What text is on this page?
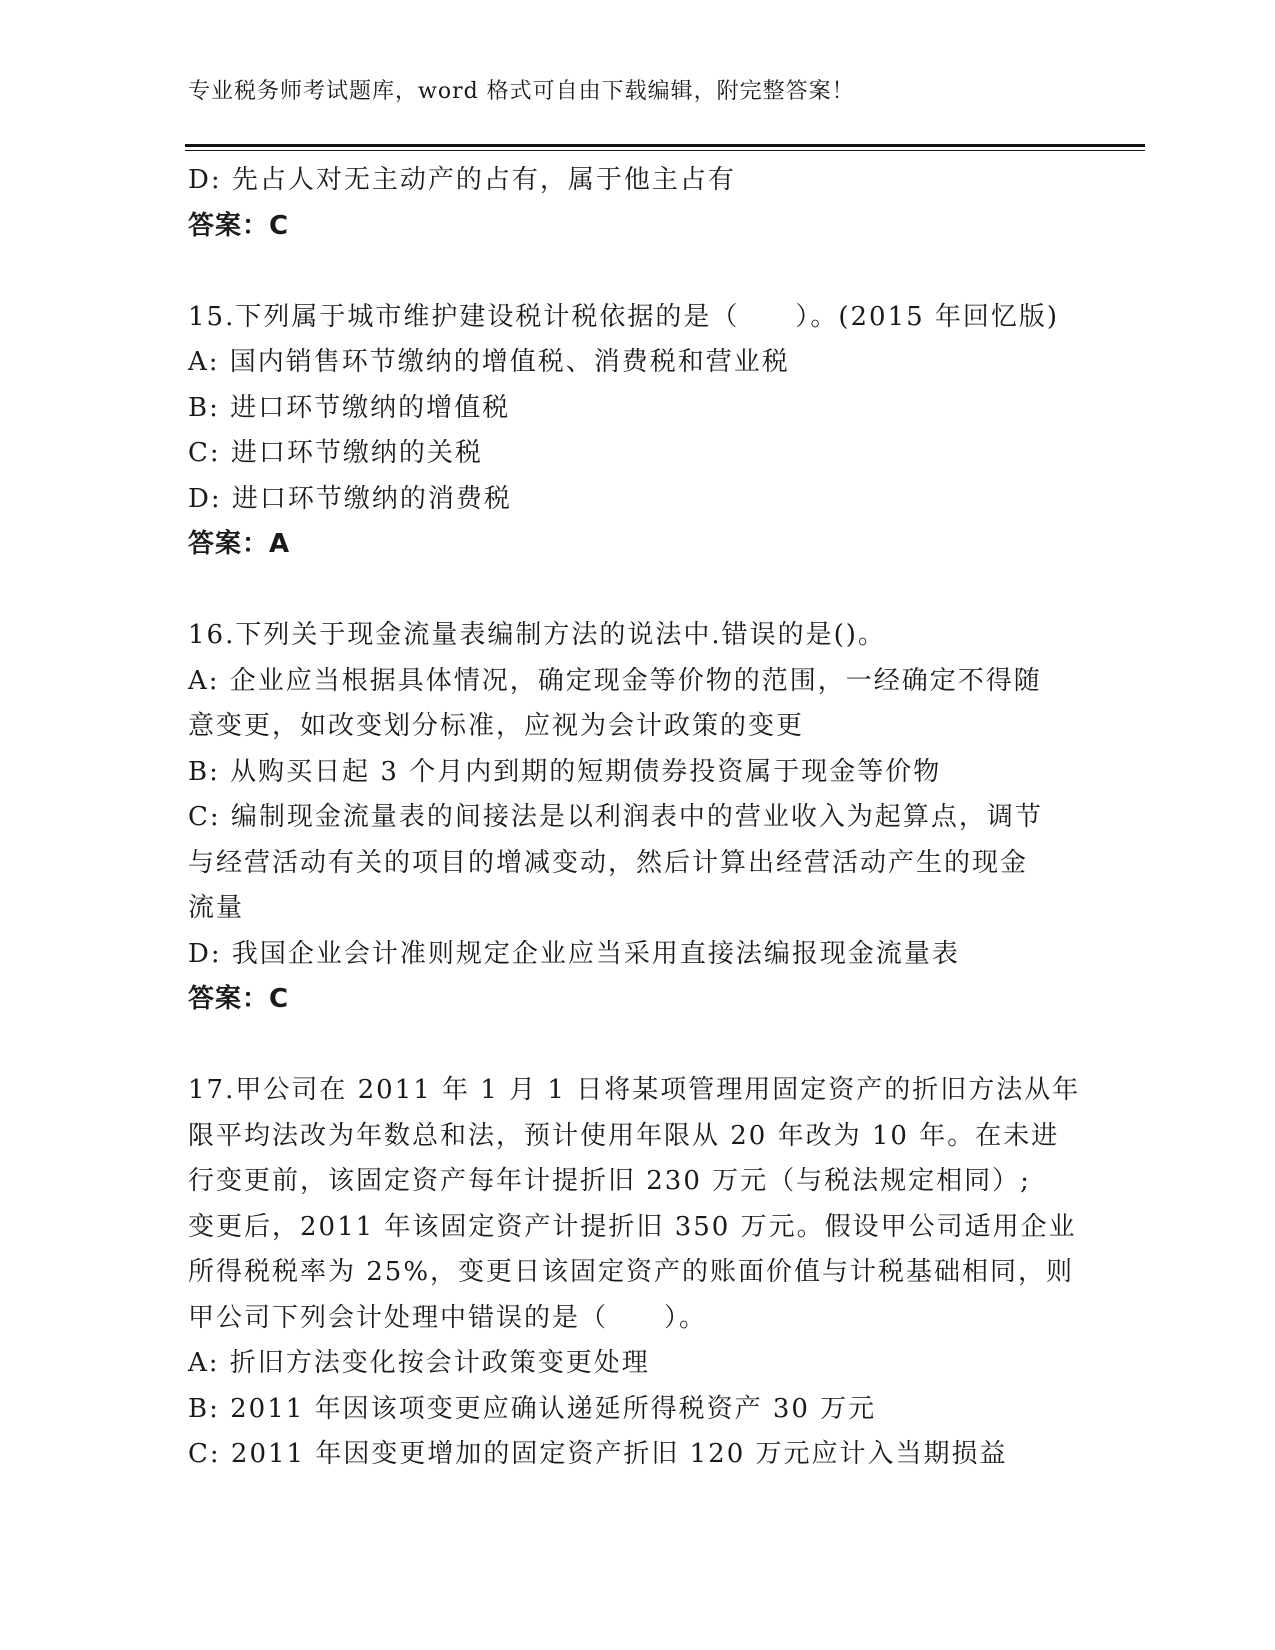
专业税务师考试题库，word 格式可自由下载编辑，附完整答案！
D: 先占人对无主动产的占有，属于他主占有
答案：C
15.下列属于城市维护建设税计税依据的是（　　）。(2015 年回忆版)
A: 国内销售环节缴纳的增值税、消费税和营业税
B: 进口环节缴纳的增值税
C: 进口环节缴纳的关税
D: 进口环节缴纳的消费税
答案：A
16.下列关于现金流量表编制方法的说法中.错误的是()。
A: 企业应当根据具体情况，确定现金等价物的范围，一经确定不得随
意变更，如改变划分标准，应视为会计政策的变更
B: 从购买日起 3 个月内到期的短期债券投资属于现金等价物
C: 编制现金流量表的间接法是以利润表中的营业收入为起算点，调节
与经营活动有关的项目的增减变动，然后计算出经营活动产生的现金
流量
D: 我国企业会计准则规定企业应当采用直接法编报现金流量表
答案：C
17.甲公司在 2011 年 1 月 1 日将某项管理用固定资产的折旧方法从年
限平均法改为年数总和法，预计使用年限从 20 年改为 10 年。在未进
行变更前，该固定资产每年计提折旧 230 万元（与税法规定相同）;
变更后，2011 年该固定资产计提折旧 350 万元。假设甲公司适用企业
所得税税率为 25%，变更日该固定资产的账面价值与计税基础相同，则
甲公司下列会计处理中错误的是（　　）。
A: 折旧方法变化按会计政策变更处理
B: 2011 年因该项变更应确认递延所得税资产 30 万元
C: 2011 年因变更增加的固定资产折旧 120 万元应计入当期损益
